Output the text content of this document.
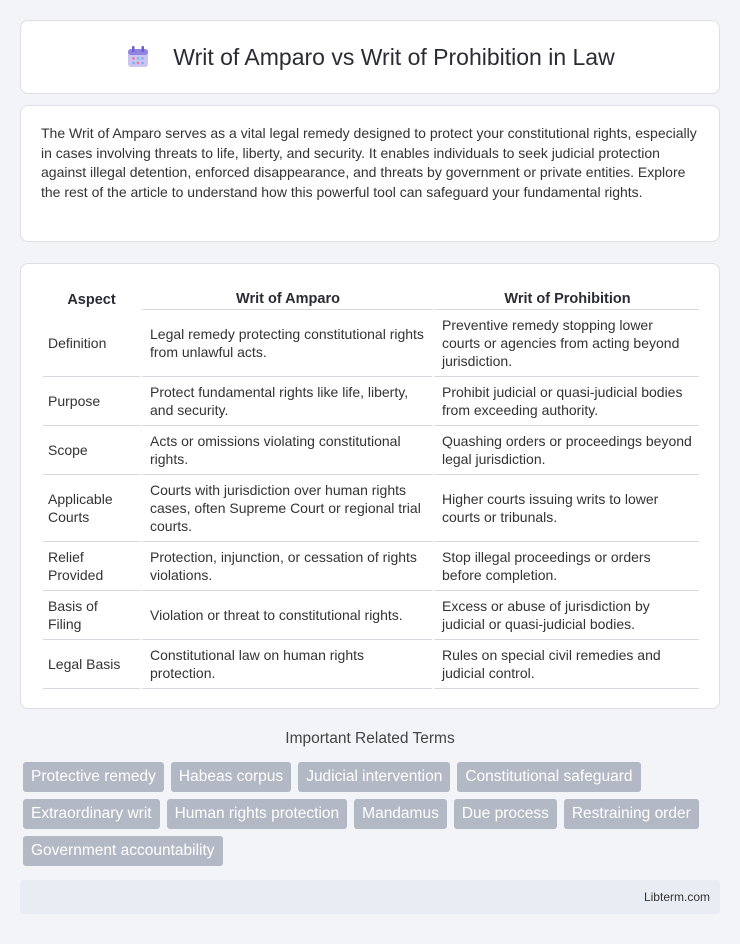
Writ of Amparo vs Writ of Prohibition in Law

The Writ of Amparo serves as a vital legal remedy designed to protect your constitutional rights, especially in cases involving threats to life, liberty, and security. It enables individuals to seek judicial protection against illegal detention, enforced disappearance, and threats by government or private entities. Explore the rest of the article to understand how this powerful tool can safeguard your fundamental rights.

Aspect	Writ of Amparo	Writ of Prohibition
Definition	Legal remedy protecting constitutional rights from unlawful acts.	Preventive remedy stopping lower courts or agencies from acting beyond jurisdiction.
Purpose	Protect fundamental rights like life, liberty, and security.	Prohibit judicial or quasi-judicial bodies from exceeding authority.
Scope	Acts or omissions violating constitutional rights.	Quashing orders or proceedings beyond legal jurisdiction.
Applicable Courts	Courts with jurisdiction over human rights cases, often Supreme Court or regional trial courts.	Higher courts issuing writs to lower courts or tribunals.
Relief Provided	Protection, injunction, or cessation of rights violations.	Stop illegal proceedings or orders before completion.
Basis of Filing	Violation or threat to constitutional rights.	Excess or abuse of jurisdiction by judicial or quasi-judicial bodies.
Legal Basis	Constitutional law on human rights protection.	Rules on special civil remedies and judicial control.
Important Related Terms
Protective remedy	Habeas corpus	Judicial intervention	Constitutional safeguard
Extraordinary writ	Human rights protection	Mandamus	Due process	Restraining order
Government accountability
Libterm.com
